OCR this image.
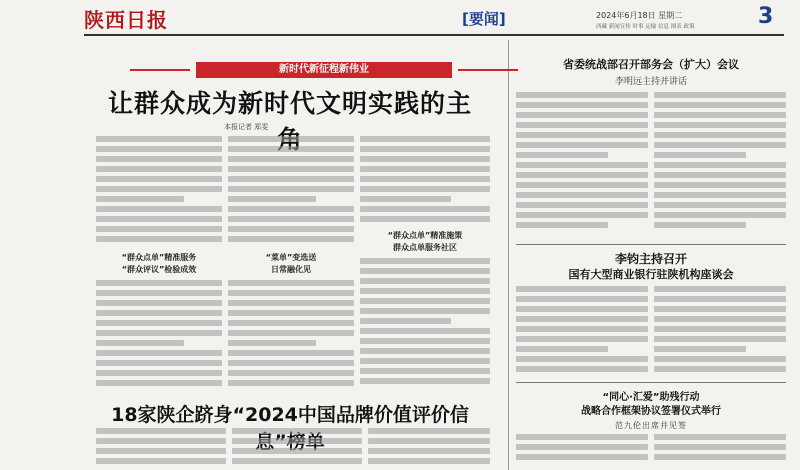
陕西日报	[要闻]	2024年6月18日 星期二
西藏 新闻宣传 时事 运输 信息 图表 政策	3
新时代新征程新伟业
让群众成为新时代文明实践的主
本报记者 郑雯
“群众点单”精准服务
“群众评议”检验成效
“菜单”变选送
日常融化见
“群众点单”精准施策
群众点单服务社区
18家陕企跻身“2024中国品牌价值评价信
省委统战部召开部务会（扩大）会议
李明远主持并讲话
李钧主持召开
国有大型商业银行驻陕机构座谈会
“同心·汇爱”助残行动
战略合作框架协议签署仪式举行
范九伦出席并见签
